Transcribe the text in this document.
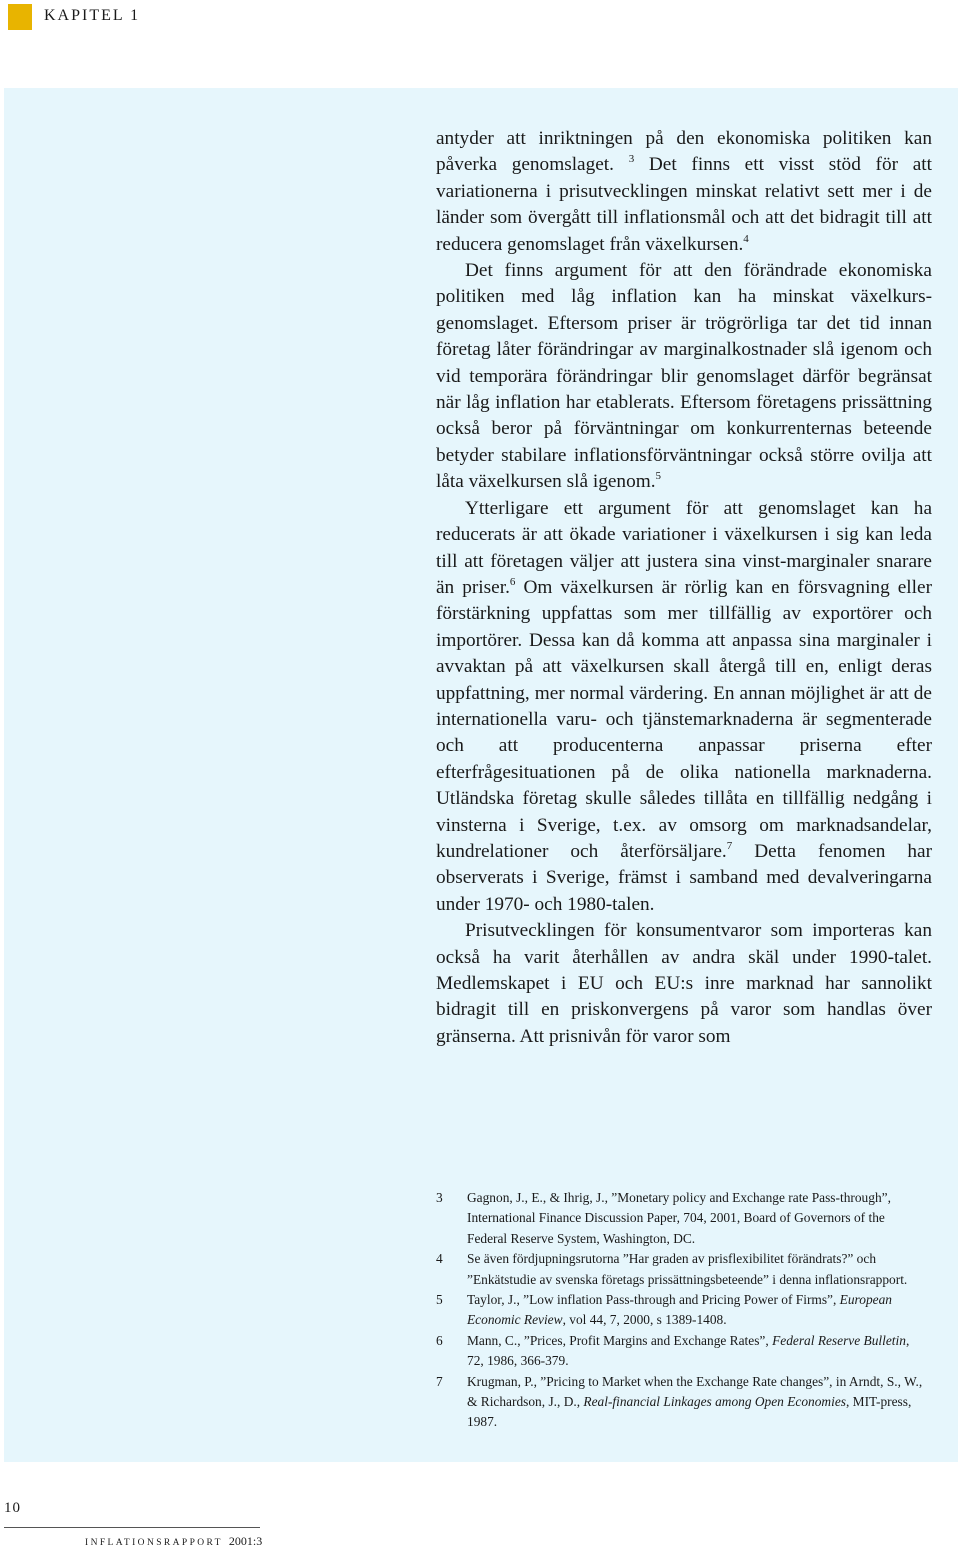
KAPITEL 1

antyder att inriktningen på den ekonomiska politiken kan påverka genomslaget. $^3$ Det finns ett visst stöd för att variationerna i prisutvecklingen minskat relativt sett mer i de länder som övergått till inflationsmål och att det bidragit till att reducera genomslaget från växelkursen.$^4$

Det finns argument för att den förändrade ekonomiska politiken med låg inflation kan ha minskat växelkurs-genomslaget. Eftersom priser är trögrörliga tar det tid innan företag låter förändringar av marginalkostnader slå igenom och vid temporära förändringar blir genomslaget därför begränsat när låg inflation har etablerats. Eftersom företagens prissättning också beror på förväntningar om konkurrenternas beteende betyder stabilare inflationsförväntningar också större ovilja att låta växelkursen slå igenom.$^5$

Ytterligare ett argument för att genomslaget kan ha reducerats är att ökade variationer i växelkursen i sig kan leda till att företagen väljer att justera sina vinst-marginaler snarare än priser.$^6$ Om växelkursen är rörlig kan en försvagning eller förstärkning uppfattas som mer tillfällig av exportörer och importörer. Dessa kan då komma att anpassa sina marginaler i avvaktan på att växelkursen skall återgå till en, enligt deras uppfattning, mer normal värdering. En annan möjlighet är att de internationella varu- och tjänstemarknaderna är segmenterade och att producenterna anpassar priserna efter efterfrågesituationen på de olika nationella marknaderna. Utländska företag skulle således tillåta en tillfällig nedgång i vinsterna i Sverige, t.ex. av omsorg om marknadsandelar, kundrelationer och återförsäljare.$^7$ Detta fenomen har observerats i Sverige, främst i samband med devalveringarna under 1970- och 1980-talen.

Prisutvecklingen för konsumentvaror som importeras kan också ha varit återhållen av andra skäl under 1990-talet. Medlemskapet i EU och EU:s inre marknad har sannolikt bidragit till en priskonvergens på varor som handlas över gränserna. Att prisnivån för varor som

3 Gagnon, J., E., & Ihrig, J., ”Monetary policy and Exchange rate Pass-through”, International Finance Discussion Paper, 704, 2001, Board of Governors of the Federal Reserve System, Washington, DC.
4 Se även fördjupningsrutorna ”Har graden av prisflexibilitet förändrats?” och ”Enkätstudie av svenska företags prissättningsbeteende” i denna inflationsrapport.
5 Taylor, J., ”Low inflation Pass-through and Pricing Power of Firms”, European Economic Review, vol 44, 7, 2000, s 1389-1408.
6 Mann, C., ”Prices, Profit Margins and Exchange Rates”, Federal Reserve Bulletin, 72, 1986, 366-379.
7 Krugman, P., ”Pricing to Market when the Exchange Rate changes”, in Arndt, S., W., & Richardson, J., D., Real-financial Linkages among Open Economies, MIT-press, 1987.
10
INFLATIONSRAPPORT 2001:3
